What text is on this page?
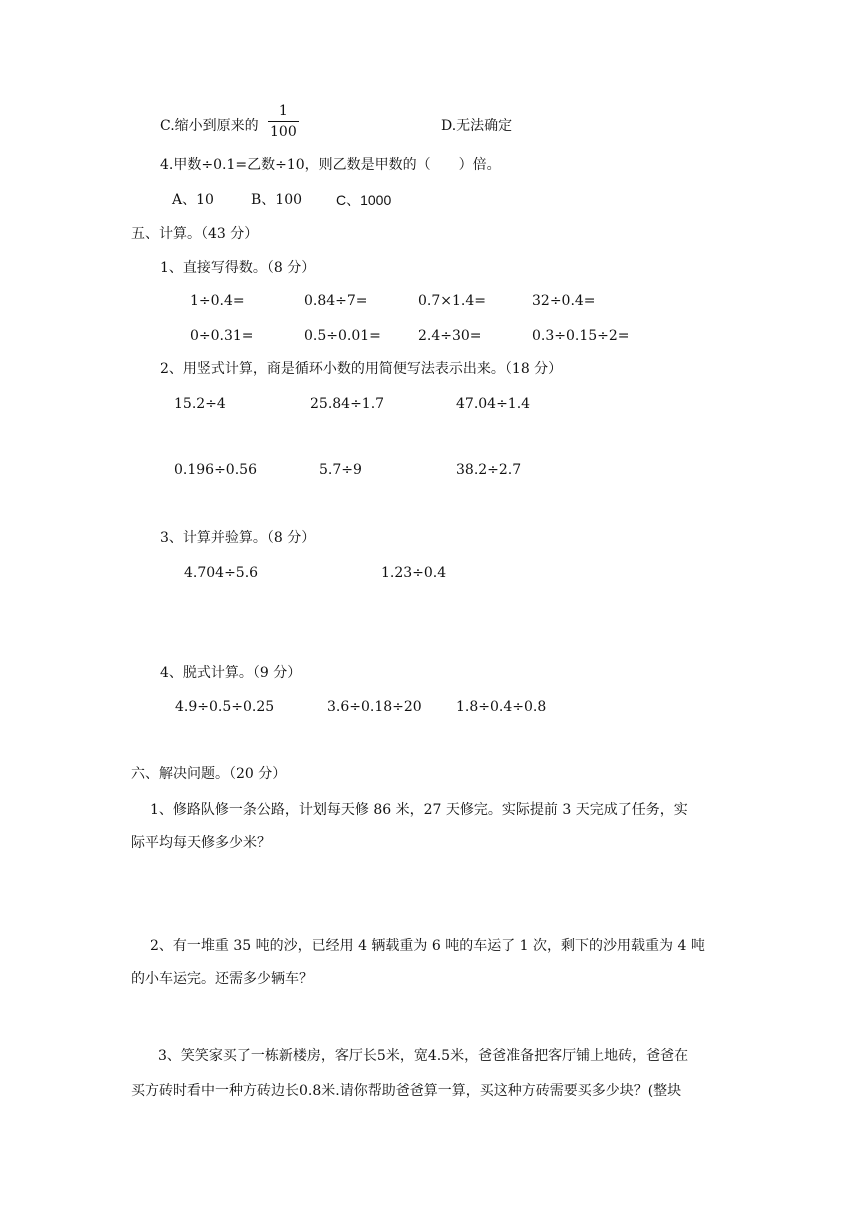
C.缩小到原来的 $\frac{1}{100}$	D.无法确定
4.甲数÷0.1=乙数÷10，则乙数是甲数的（　　）倍。
A、10	B、100 C、1000
五、计算。（43 分）
1、直接写得数。（8 分）
1÷0.4=	0.84÷7=	0.7×1.4=	32÷0.4=
0÷0.31=	0.5÷0.01=	2.4÷30=	0.3÷0.15÷2=
2、用竖式计算，商是循环小数的用简便写法表示出来。（18 分）
15.2÷4	25.84÷1.7	47.04÷1.4
0.196÷0.56	5.7÷9	38.2÷2.7
3、计算并验算。（8 分）
4.704÷5.6	1.23÷0.4
4、脱式计算。（9 分）
4.9÷0.5÷0.25	3.6÷0.18÷20 1.8÷0.4÷0.8
六、解决问题。（20 分）
1、修路队修一条公路，计划每天修 86 米，27 天修完。实际提前 3 天完成了任务，实
际平均每天修多少米？
2、有一堆重 35 吨的沙，已经用 4 辆载重为 6 吨的车运了 1 次，剩下的沙用载重为 4 吨
的小车运完。还需多少辆车？
3、笑笑家买了一栋新楼房，客厅长5米，宽4.5米，爸爸准备把客厅铺上地砖，爸爸在
买方砖时看中一种方砖边长0.8米.请你帮助爸爸算一算，买这种方砖需要买多少块？(整块
